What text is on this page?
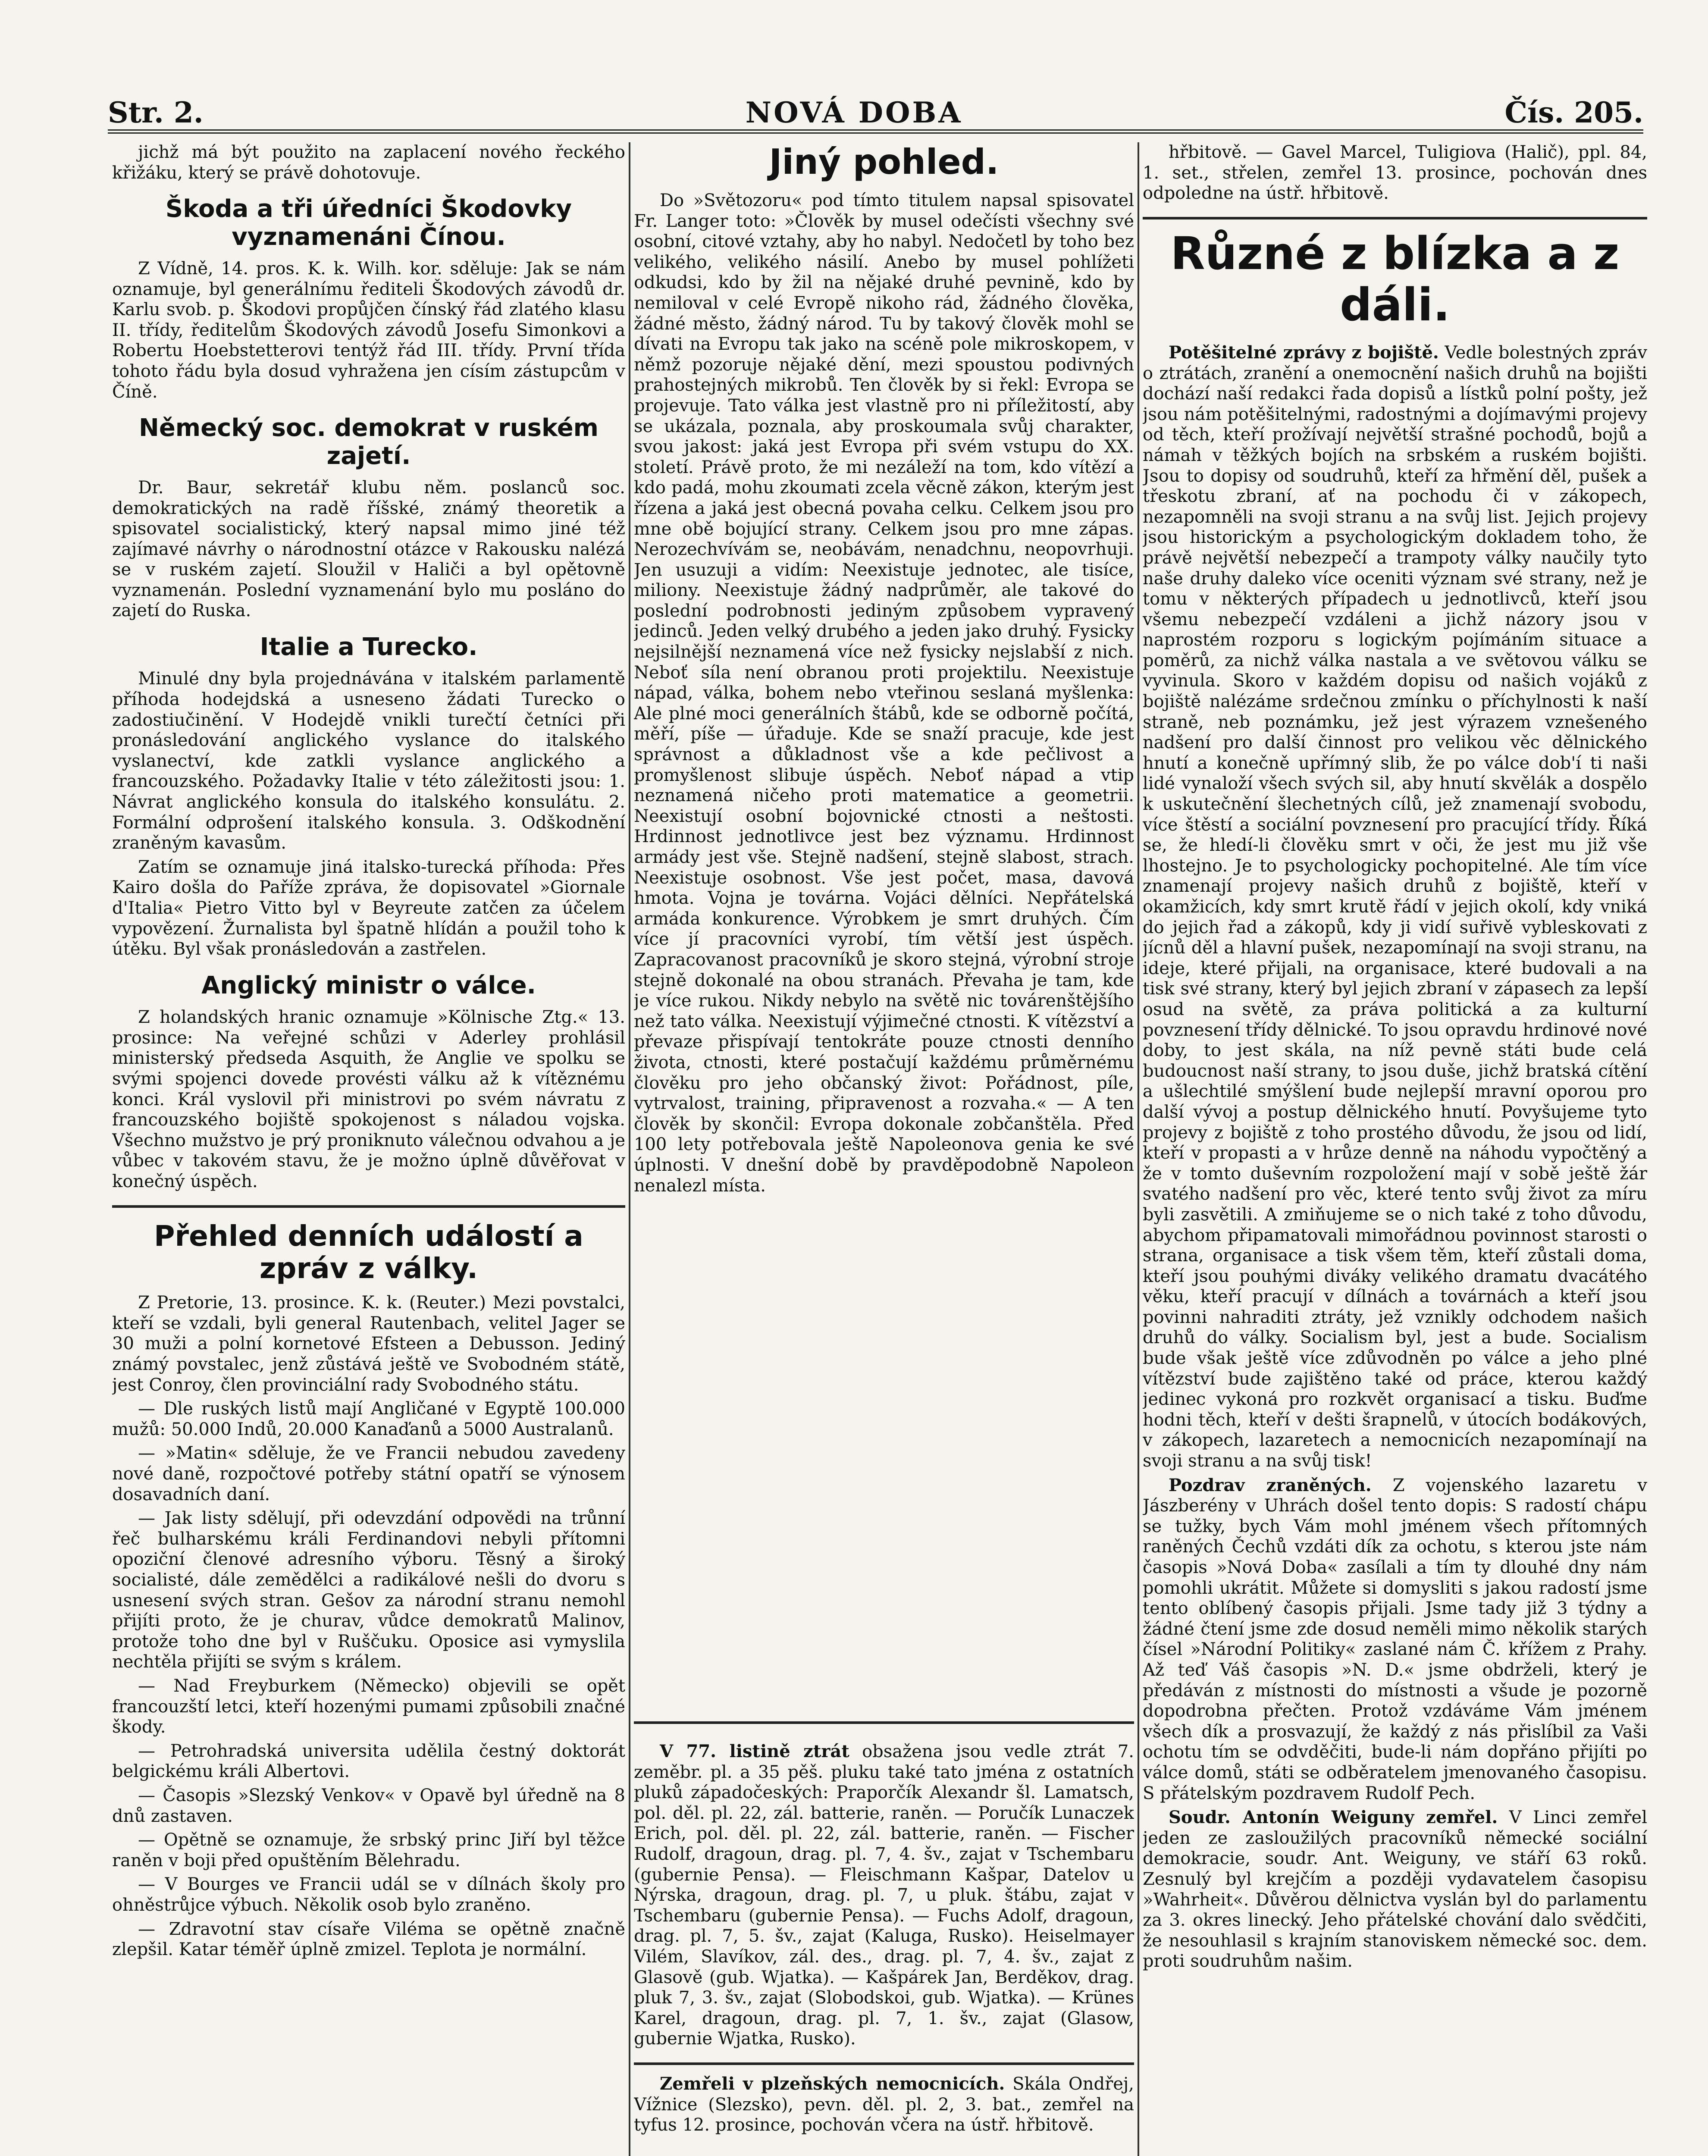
Str. 2.	NOVÁ DOBA	Čís. 205.

jichž má být použito na zaplacení nového řeckého křižáku, který se právě dohotovuje.

Škoda a tři úředníci Škodovky vyznamenáni Čínou.

Z Vídně, 14. pros. K. k. Wilh. kor. sděluje: Jak se nám oznamuje, byl generálnímu řediteli Škodových závodů dr. Karlu svob. p. Škodovi propůjčen čínský řád zlatého klasu II. třídy, ředitelům Škodových závodů Josefu Simonkovi a Robertu Hoebstetterovi tentýž řád III. třídy. První třída tohoto řádu byla dosud vyhražena jen císím zástupcům v Číně.

Německý soc. demokrat v ruském zajetí.

Dr. Baur, sekretář klubu něm. poslanců soc. demokratických na radě říšské, známý theoretik a spisovatel socialistický, který napsal mimo jiné též zajímavé návrhy o národnostní otázce v Rakousku nalézá se v ruském zajetí. Sloužil v Haliči a byl opětovně vyznamenán. Poslední vyznamenání bylo mu posláno do zajetí do Ruska.

Italie a Turecko.

Minulé dny byla projednávána v italském parlamentě příhoda hodejdská a usneseno žádati Turecko o zadostiučinění. V Hodejdě vnikli turečtí četníci při pronásledování anglického vyslance do italského vyslanectví, kde zatkli vyslance anglického a francouzského. Požadavky Italie v této záležitosti jsou: 1. Návrat anglického konsula do italského konsulátu. 2. Formální odprošení italského konsula. 3. Odškodnění zraněným kavasům.

Zatím se oznamuje jiná italsko-turecká příhoda: Přes Kairo došla do Paříže zpráva, že dopisovatel »Giornale d'Italia« Pietro Vitto byl v Beyreute zatčen za účelem vypovězení. Žurnalista byl špatně hlídán a použil toho k útěku. Byl však pronásledován a zastřelen.

Anglický ministr o válce.

Z holandských hranic oznamuje »Kölnische Ztg.« 13. prosince: Na veřejné schůzi v Aderley prohlásil ministerský předseda Asquith, že Anglie ve spolku se svými spojenci dovede provésti válku až k vítěznému konci. Král vyslovil při ministrovi po svém návratu z francouzského bojiště spokojenost s náladou vojska. Všechno mužstvo je prý proniknuto válečnou odvahou a je vůbec v takovém stavu, že je možno úplně důvěřovat v konečný úspěch.

Přehled denních událostí a zpráv z války.

Z Pretorie, 13. prosince. K. k. (Reuter.) Mezi povstalci, kteří se vzdali, byli general Rautenbach, velitel Jager se 30 muži a polní kornetové Efsteen a Debusson. Jediný známý povstalec, jenž zůstává ještě ve Svobodném státě, jest Conroy, člen provinciální rady Svobodného státu.

— Dle ruských listů mají Angličané v Egyptě 100.000 mužů: 50.000 Indů, 20.000 Kanaďanů a 5000 Australanů.

— »Matin« sděluje, že ve Francii nebudou zavedeny nové daně, rozpočtové potřeby státní opatří se výnosem dosavadních daní.

— Jak listy sdělují, při odevzdání odpovědi na trůnní řeč bulharskému králi Ferdinandovi nebyli přítomni opoziční členové adresního výboru. Těsný a široký socialisté, dále zemědělci a radikálové nešli do dvoru s usnesení svých stran. Gešov za národní stranu nemohl přijíti proto, že je churav, vůdce demokratů Malinov, protože toho dne byl v Ruščuku. Oposice asi vymyslila nechtěla přijíti se svým s králem.

— Nad Freyburkem (Německo) objevili se opět francouzští letci, kteří hozenými pumami způsobili značné škody.

— Petrohradská universita udělila čestný doktorát belgickému králi Albertovi.

— Časopis »Slezský Venkov« v Opavě byl úředně na 8 dnů zastaven.

— Opětně se oznamuje, že srbský princ Jiří byl těžce raněn v boji před opuštěním Bělehradu.

— V Bourges ve Francii udál se v dílnách školy pro ohněstrůjce výbuch. Několik osob bylo zraněno.

— Zdravotní stav císaře Viléma se opětně značně zlepšil. Katar téměř úplně zmizel. Teplota je normální.

Jiný pohled.

Do »Světozoru« pod tímto titulem napsal spisovatel Fr. Langer toto: »Člověk by musel odečísti všechny své osobní, citové vztahy, aby ho nabyl. Nedočetl by toho bez velikého, velikého násilí. Anebo by musel pohlížeti odkudsi, kdo by žil na nějaké druhé pevnině, kdo by nemiloval v celé Evropě nikoho rád, žádného člověka, žádné město, žádný národ. Tu by takový člověk mohl se dívati na Evropu tak jako na scéně pole mikroskopem, v němž pozoruje nějaké dění, mezi spoustou podivných prahostejných mikrobů. Ten člověk by si řekl: Evropa se projevuje. Tato válka jest vlastně pro ni příležitostí, aby se ukázala, poznala, aby proskoumala svůj charakter, svou jakost: jaká jest Evropa při svém vstupu do XX. století. Právě proto, že mi nezáleží na tom, kdo vítězí a kdo padá, mohu zkoumati zcela věcně zákon, kterým jest řízena a jaká jest obecná povaha celku. Celkem jsou pro mne obě bojující strany. Celkem jsou pro mne zápas. Nerozechvívám se, neobávám, nenadchnu, neopovrhuji. Jen usuzuji a vidím: Neexistuje jednotec, ale tisíce, miliony. Neexistuje žádný nadprůměr, ale takové do poslední podrobnosti jediným způsobem vypravený jedinců. Jeden velký drubého a jeden jako druhý. Fysicky nejsilnější neznamená více než fysicky nejslabší z nich. Neboť síla není obranou proti projektilu. Neexistuje nápad, válka, bohem nebo vteřinou seslaná myšlenka: Ale plné moci generálních štábů, kde se odborně počítá, měří, píše — úřaduje. Kde se snaží pracuje, kde jest správnost a důkladnost vše a kde pečlivost a promyšlenost slibuje úspěch. Neboť nápad a vtip neznamená ničeho proti matematice a geometrii. Neexistují osobní bojovnické ctnosti a neštosti. Hrdinnost jednotlivce jest bez významu. Hrdinnost armády jest vše. Stejně nadšení, stejně slabost, strach. Neexistuje osobnost. Vše jest počet, masa, davová hmota. Vojna je továrna. Vojáci dělníci. Nepřátelská armáda konkurence. Výrobkem je smrt druhých. Čím více jí pracovníci vyrobí, tím větší jest úspěch. Zapracovanost pracovníků je skoro stejná, výrobní stroje stejně dokonalé na obou stranách. Převaha je tam, kde je více rukou. Nikdy nebylo na světě nic továrenštějšího než tato válka. Neexistují výjimečné ctnosti. K vítězství a převaze přispívají tentokráte pouze ctnosti denního života, ctnosti, které postačují každému průměrnému člověku pro jeho občanský život: Pořádnost, píle, vytrvalost, training, připravenost a rozvaha.« — A ten člověk by skončil: Evropa dokonale zobčanštěla. Před 100 lety potřebovala ještě Napoleonova genia ke své úplnosti. V dnešní době by pravděpodobně Napoleon nenalezl místa.

V 77. listině ztrát obsažena jsou vedle ztrát 7. zeměbr. pl. a 35 pěš. pluku také tato jména z ostatních pluků západočeských: Praporčík Alexandr šl. Lamatsch, pol. děl. pl. 22, zál. batterie, raněn. — Poručík Lunaczek Erich, pol. děl. pl. 22, zál. batterie, raněn. — Fischer Rudolf, dragoun, drag. pl. 7, 4. šv., zajat v Tschembaru (gubernie Pensa). — Fleischmann Kašpar, Datelov u Nýrska, dragoun, drag. pl. 7, u pluk. štábu, zajat v Tschembaru (gubernie Pensa). — Fuchs Adolf, dragoun, drag. pl. 7, 5. šv., zajat (Kaluga, Rusko). Heiselmayer Vilém, Slavíkov, zál. des., drag. pl. 7, 4. šv., zajat z Glasově (gub. Wjatka). — Kašpárek Jan, Berděkov, drag. pluk 7, 3. šv., zajat (Slobodskoi, gub. Wjatka). — Krünes Karel, dragoun, drag. pl. 7, 1. šv., zajat (Glasow, gubernie Wjatka, Rusko).

Zemřeli v plzeňských nemocnicích. Skála Ondřej, Vížnice (Slezsko), pevn. děl. pl. 2, 3. bat., zemřel na tyfus 12. prosince, pochován včera na ústř. hřbitově.

hřbitově. — Gavel Marcel, Tuligiova (Halič), ppl. 84, 1. set., střelen, zemřel 13. prosince, pochován dnes odpoledne na ústř. hřbitově.

Různé z blízka a z dáli.

Potěšitelné zprávy z bojiště. Vedle bolestných zpráv o ztrátách, zranění a onemocnění našich druhů na bojišti dochází naší redakci řada dopisů a lístků polní pošty, jež jsou nám potěšitelnými, radostnými a dojímavými projevy od těch, kteří prožívají největší strašné pochodů, bojů a námah v těžkých bojích na srbském a ruském bojišti. Jsou to dopisy od soudruhů, kteří za hřmění děl, pušek a třeskotu zbraní, ať na pochodu či v zákopech, nezapomněli na svoji stranu a na svůj list. Jejich projevy jsou historickým a psychologickým dokladem toho, že právě největší nebezpečí a trampoty války naučily tyto naše druhy daleko více oceniti význam své strany, než je tomu v některých případech u jednotlivců, kteří jsou všemu nebezpečí vzdáleni a jichž názory jsou v naprostém rozporu s logickým pojímáním situace a poměrů, za nichž válka nastala a ve světovou válku se vyvinula. Skoro v každém dopisu od našich vojáků z bojiště nalézáme srdečnou zmínku o příchylnosti k naší straně, neb poznámku, jež jest výrazem vznešeného nadšení pro další činnost pro velikou věc dělnického hnutí a konečně upřímný slib, že po válce dob'í ti naši lidé vynaloží všech svých sil, aby hnutí skvělák a dospělo k uskutečnění šlechetných cílů, jež znamenají svobodu, více štěstí a sociální povznesení pro pracující třídy. Říká se, že hledí-li člověku smrt v oči, že jest mu již vše lhostejno. Je to psychologicky pochopitelné. Ale tím více znamenají projevy našich druhů z bojiště, kteří v okamžicích, kdy smrt krutě řádí v jejich okolí, kdy vniká do jejich řad a zákopů, kdy ji vidí suřivě vybleskovati z jícnů děl a hlavní pušek, nezapomínají na svoji stranu, na ideje, které přijali, na organisace, které budovali a na tisk své strany, který byl jejich zbraní v zápasech za lepší osud na světě, za práva politická a za kulturní povznesení třídy dělnické. To jsou opravdu hrdinové nové doby, to jest skála, na níž pevně státi bude celá budoucnost naší strany, to jsou duše, jichž bratská cítění a ušlechtilé smýšlení bude nejlepší mravní oporou pro další vývoj a postup dělnického hnutí. Povyšujeme tyto projevy z bojiště z toho prostého důvodu, že jsou od lidí, kteří v propasti a v hrůze denně na náhodu vypočtěný a že v tomto duševním rozpoložení mají v sobě ještě žár svatého nadšení pro věc, které tento svůj život za míru byli zasvětili. A zmiňujeme se o nich také z toho důvodu, abychom připamatovali mimořádnou povinnost starosti o strana, organisace a tisk všem těm, kteří zůstali doma, kteří jsou pouhými diváky velikého dramatu dvacátého věku, kteří pracují v dílnách a továrnách a kteří jsou povinni nahraditi ztráty, jež vznikly odchodem našich druhů do války. Socialism byl, jest a bude. Socialism bude však ještě více zdůvodněn po válce a jeho plné vítězství bude zajištěno také od práce, kterou každý jedinec vykoná pro rozkvět organisací a tisku. Buďme hodni těch, kteří v dešti šrapnelů, v útocích bodákových, v zákopech, lazaretech a nemocnicích nezapomínají na svoji stranu a na svůj tisk!

Pozdrav zraněných. Z vojenského lazaretu v Jászberény v Uhrách došel tento dopis: S radostí chápu se tužky, bych Vám mohl jménem všech přítomných raněných Čechů vzdáti dík za ochotu, s kterou jste nám časopis »Nová Doba« zasílali a tím ty dlouhé dny nám pomohli ukrátit. Můžete si domysliti s jakou radostí jsme tento oblíbený časopis přijali. Jsme tady již 3 týdny a žádné čtení jsme zde dosud neměli mimo několik starých čísel »Národní Politiky« zaslané nám Č. křížem z Prahy. Až teď Váš časopis »N. D.« jsme obdrželi, který je předáván z místnosti do místnosti a všude je pozorně dopodrobna přečten. Protož vzdáváme Vám jménem všech dík a prosvazují, že každý z nás přislíbil za Vaši ochotu tím se odvděčiti, bude-li nám dopřáno přijíti po válce domů, státi se odběratelem jmenovaného časopisu. S přátelským pozdravem Rudolf Pech.

Soudr. Antonín Weiguny zemřel. V Linci zemřel jeden ze zasloužilých pracovníků německé sociální demokracie, soudr. Ant. Weiguny, ve stáří 63 roků. Zesnulý byl krejčím a později vydavatelem časopisu »Wahrheit«. Důvěrou dělnictva vyslán byl do parlamentu za 3. okres linecký. Jeho přátelské chování dalo svědčiti, že nesouhlasil s krajním stanoviskem německé soc. dem. proti soudruhům našim.
